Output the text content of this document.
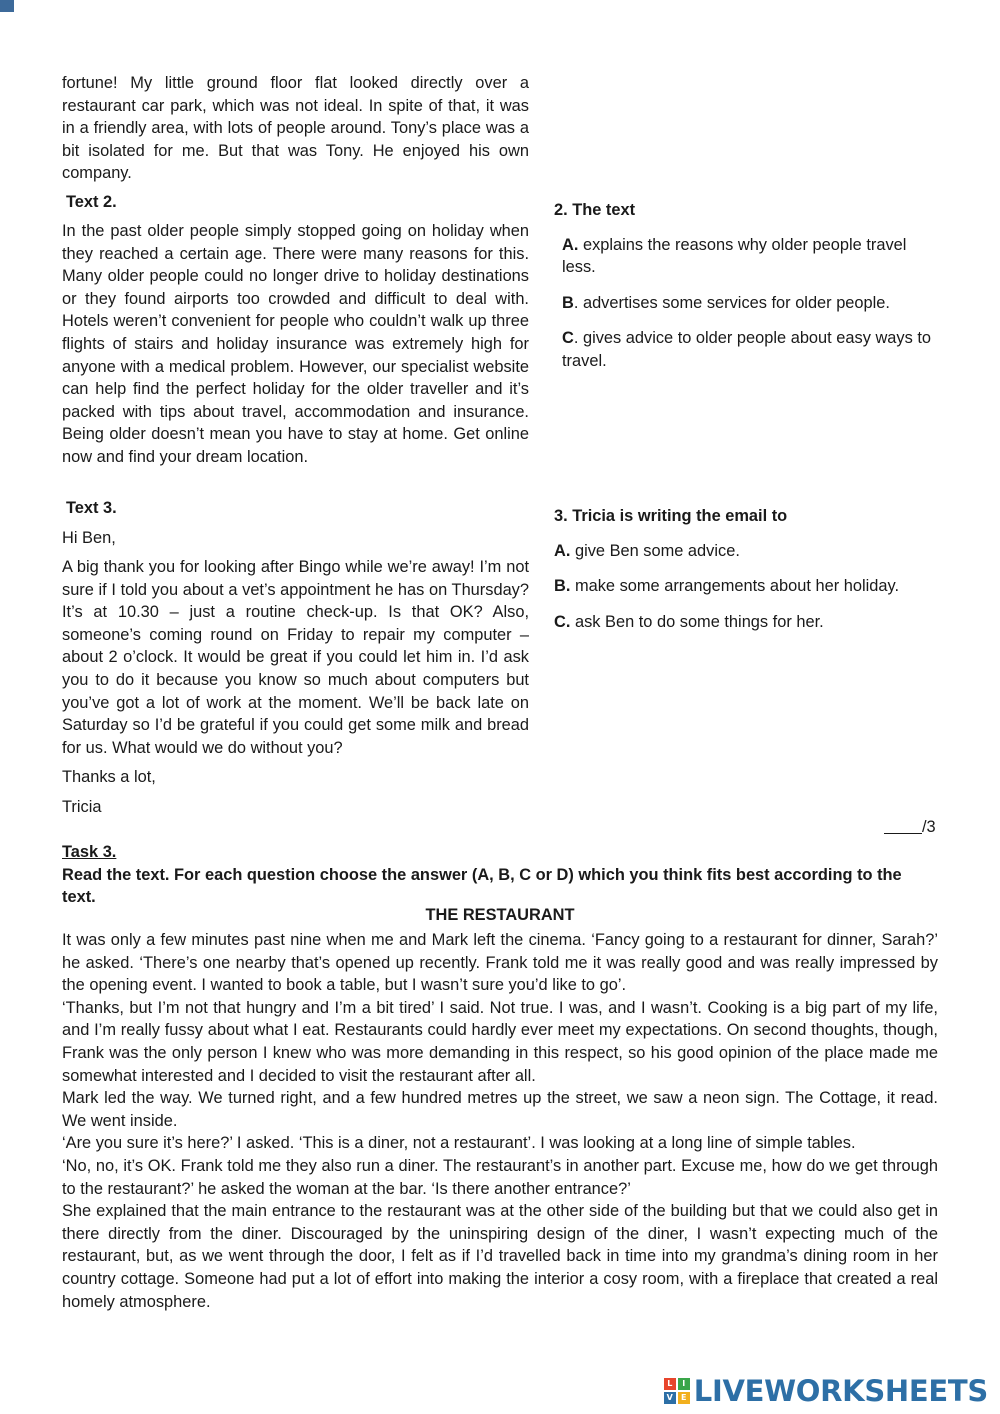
fortune! My little ground floor flat looked directly over a restaurant car park, which was not ideal. In spite of that, it was in a friendly area, with lots of people around. Tony’s place was a bit isolated for me. But that was Tony. He enjoyed his own company.

Text 2.

In the past older people simply stopped going on holiday when they reached a certain age. There were many reasons for this. Many older people could no longer drive to holiday destinations or they found airports too crowded and difficult to deal with. Hotels weren’t convenient for people who couldn’t walk up three flights of stairs and holiday insurance was extremely high for anyone with a medical problem. However, our specialist website can help find the perfect holiday for the older traveller and it’s packed with tips about travel, accommodation and insurance. Being older doesn’t mean you have to stay at home. Get online now and find your dream location.

Text 3.
Hi Ben,

A big thank you for looking after Bingo while we’re away! I’m not sure if I told you about a vet’s appointment he has on Thursday? It’s at 10.30 – just a routine check-up. Is that OK? Also, someone’s coming round on Friday to repair my computer – about 2 o’clock. It would be great if you could let him in. I’d ask you to do it because you know so much about computers but you’ve got a lot of work at the moment. We’ll be back late on Saturday so I’d be grateful if you could get some milk and bread for us. What would we do without you?

Thanks a lot,
Tricia
2. The text
A. explains the reasons why older people travel less.
B. advertises some services for older people.
C. gives advice to older people about easy ways to travel.
3. Tricia is writing the email to
A. give Ben some advice.
B. make some arrangements about her holiday.
C. ask Ben to do some things for her.
/3
Task 3.
Read the text. For each question choose the answer (A, B, C or D) which you think fits best according to the text.
THE RESTAURANT

It was only a few minutes past nine when me and Mark left the cinema. ‘Fancy going to a restaurant for dinner, Sarah?’ he asked. ‘There’s one nearby that’s opened up recently. Frank told me it was really good and was really impressed by the opening event. I wanted to book a table, but I wasn’t sure you’d like to go’.

‘Thanks, but I’m not that hungry and I’m a bit tired’ I said. Not true. I was, and I wasn’t. Cooking is a big part of my life, and I’m really fussy about what I eat. Restaurants could hardly ever meet my expectations. On second thoughts, though, Frank was the only person I knew who was more demanding in this respect, so his good opinion of the place made me somewhat interested and I decided to visit the restaurant after all.

Mark led the way. We turned right, and a few hundred metres up the street, we saw a neon sign. The Cottage, it read. We went inside.

‘Are you sure it’s here?’ I asked. ‘This is a diner, not a restaurant’. I was looking at a long line of simple tables.

‘No, no, it’s OK. Frank told me they also run a diner. The restaurant’s in another part. Excuse me, how do we get through to the restaurant?’ he asked the woman at the bar. ‘Is there another entrance?’

She explained that the main entrance to the restaurant was at the other side of the building but that we could also get in there directly from the diner. Discouraged by the uninspiring design of the diner, I wasn’t expecting much of the restaurant, but, as we went through the door, I felt as if I’d travelled back in time into my grandma’s dining room in her country cottage. Someone had put a lot of effort into making the interior a cosy room, with a fireplace that created a real homely atmosphere.

L	I
V	E LIVEWORKSHEETS
